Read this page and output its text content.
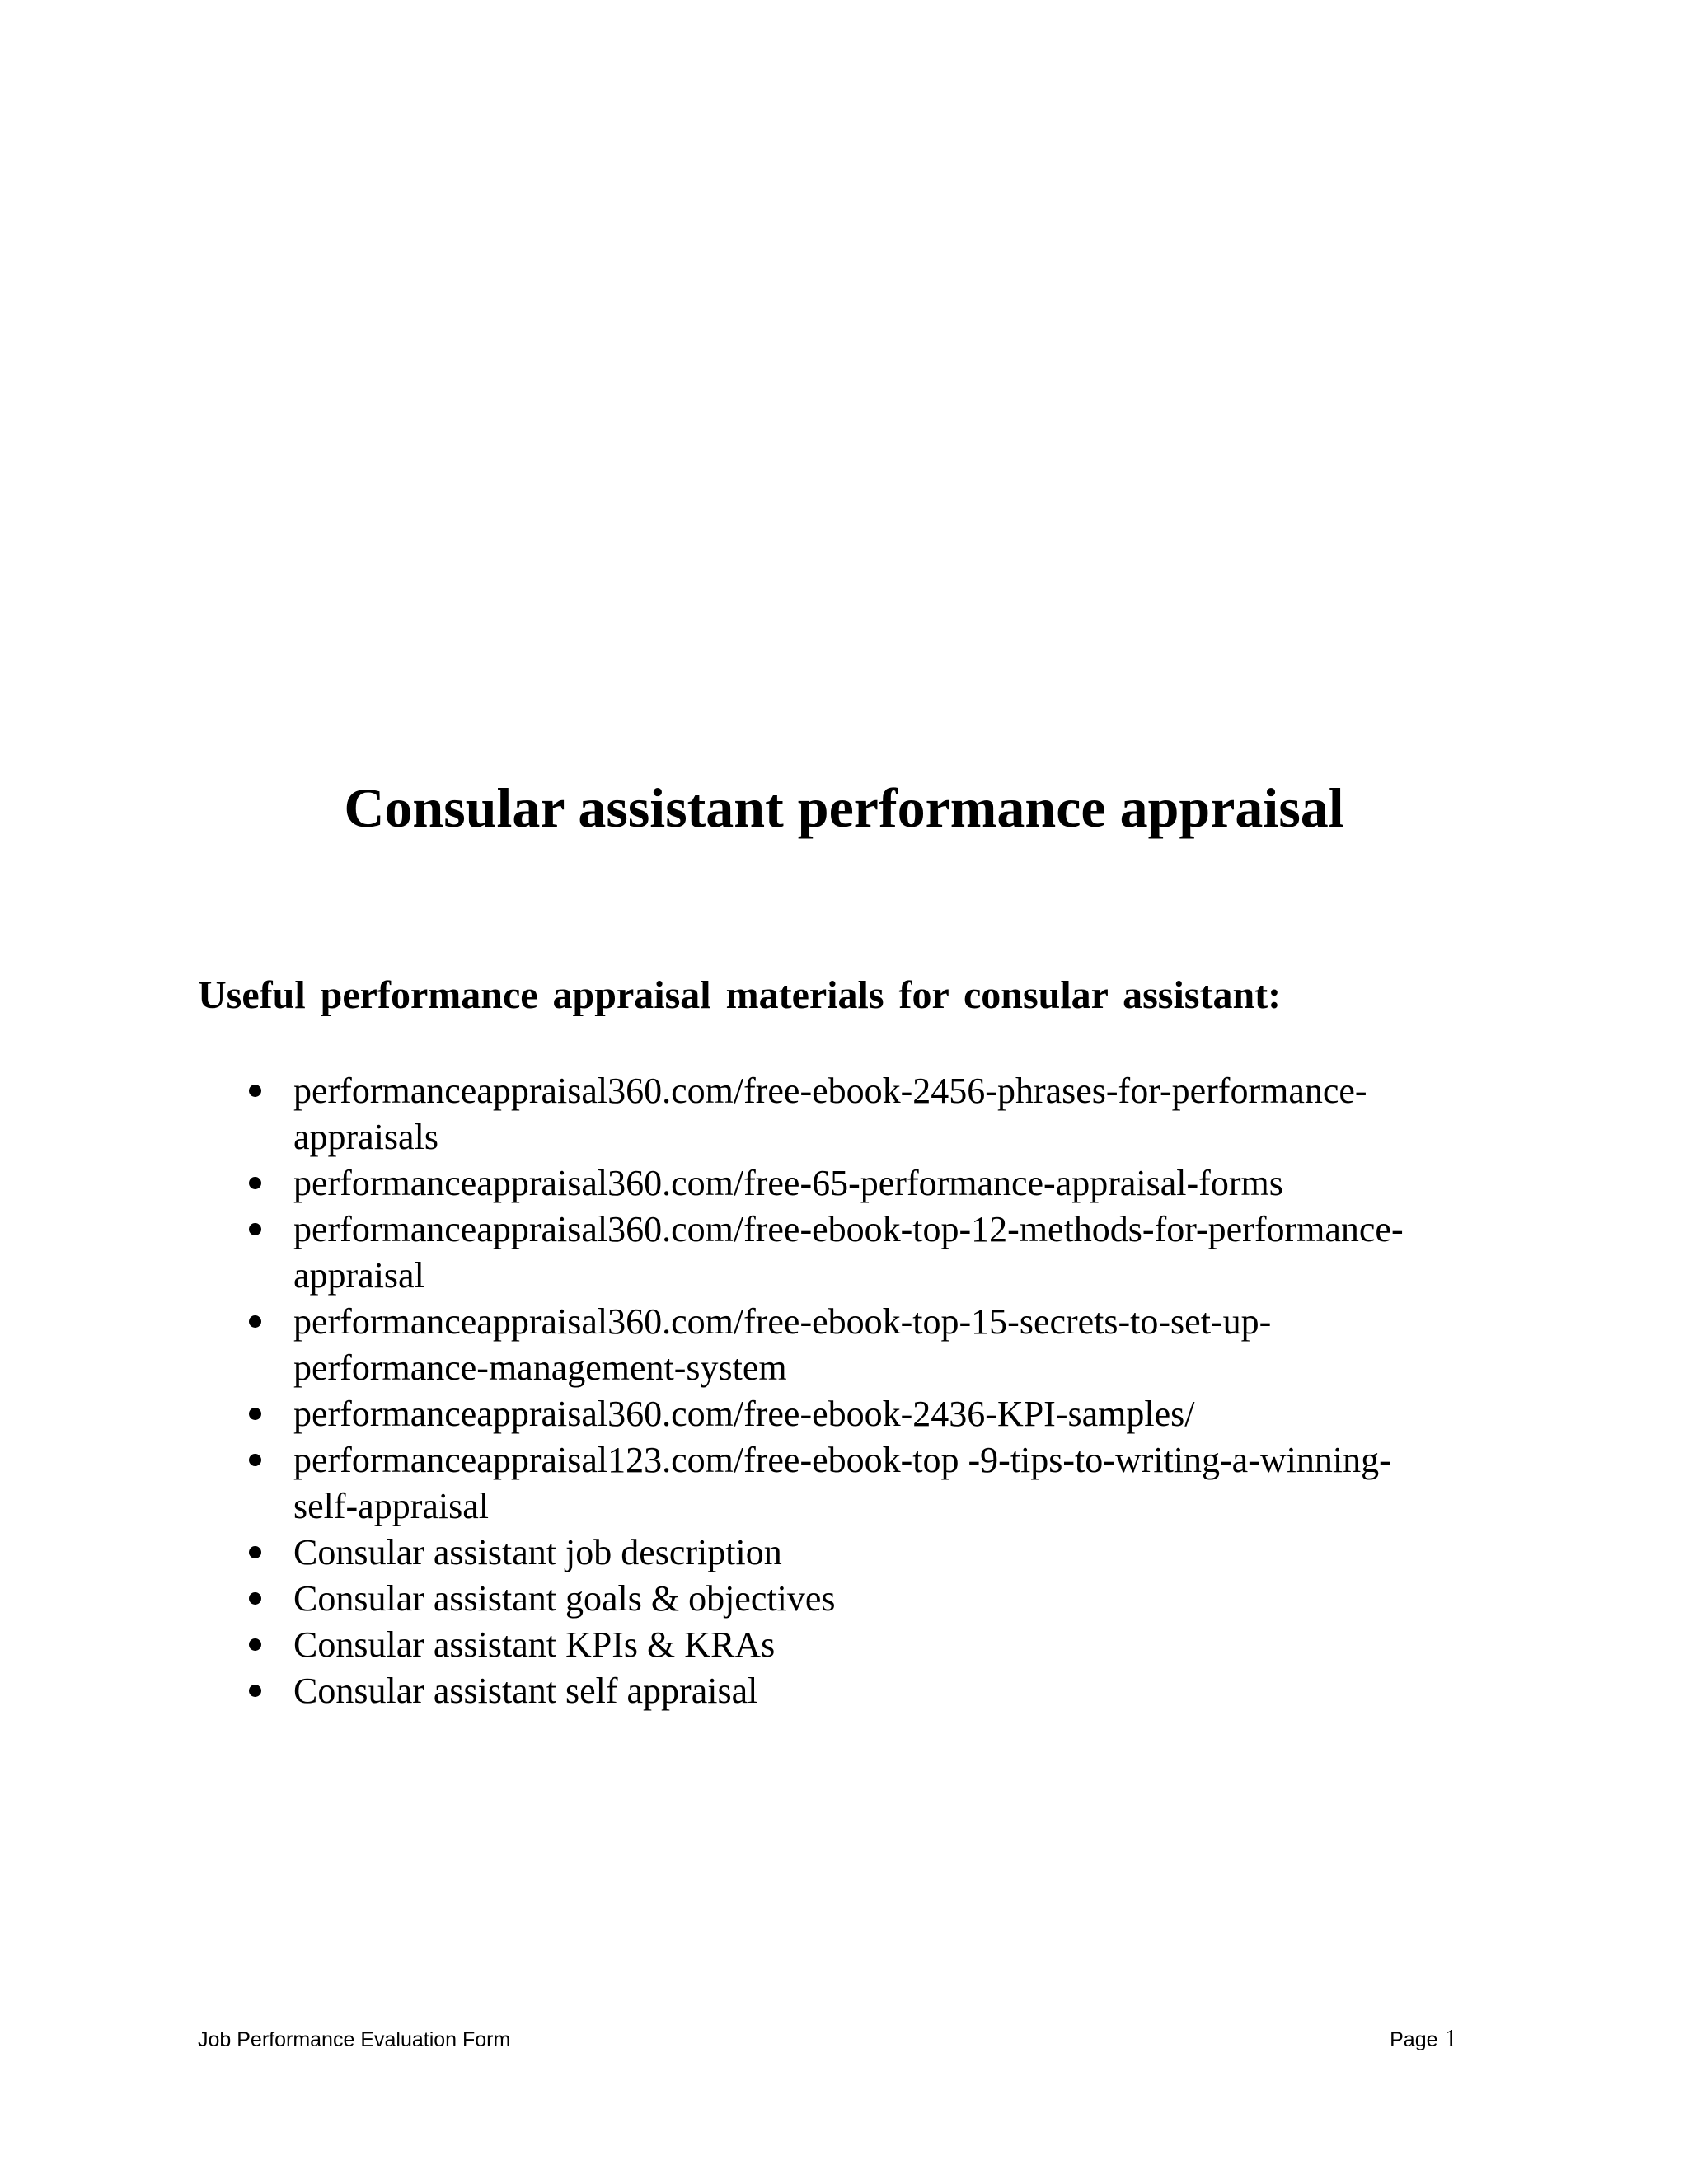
Consular assistant performance appraisal
Useful performance appraisal materials for consular assistant:
performanceappraisal360.com/free-ebook-2456-phrases-for-performance-
appraisals
performanceappraisal360.com/free-65-performance-appraisal-forms
performanceappraisal360.com/free-ebook-top-12-methods-for-performance-
appraisal
performanceappraisal360.com/free-ebook-top-15-secrets-to-set-up-
performance-management-system
performanceappraisal360.com/free-ebook-2436-KPI-samples/
performanceappraisal123.com/free-ebook-top -9-tips-to-writing-a-winning-
self-appraisal
Consular assistant job description
Consular assistant goals & objectives
Consular assistant KPIs & KRAs
Consular assistant self appraisal

Job Performance Evaluation Form	Page 1
